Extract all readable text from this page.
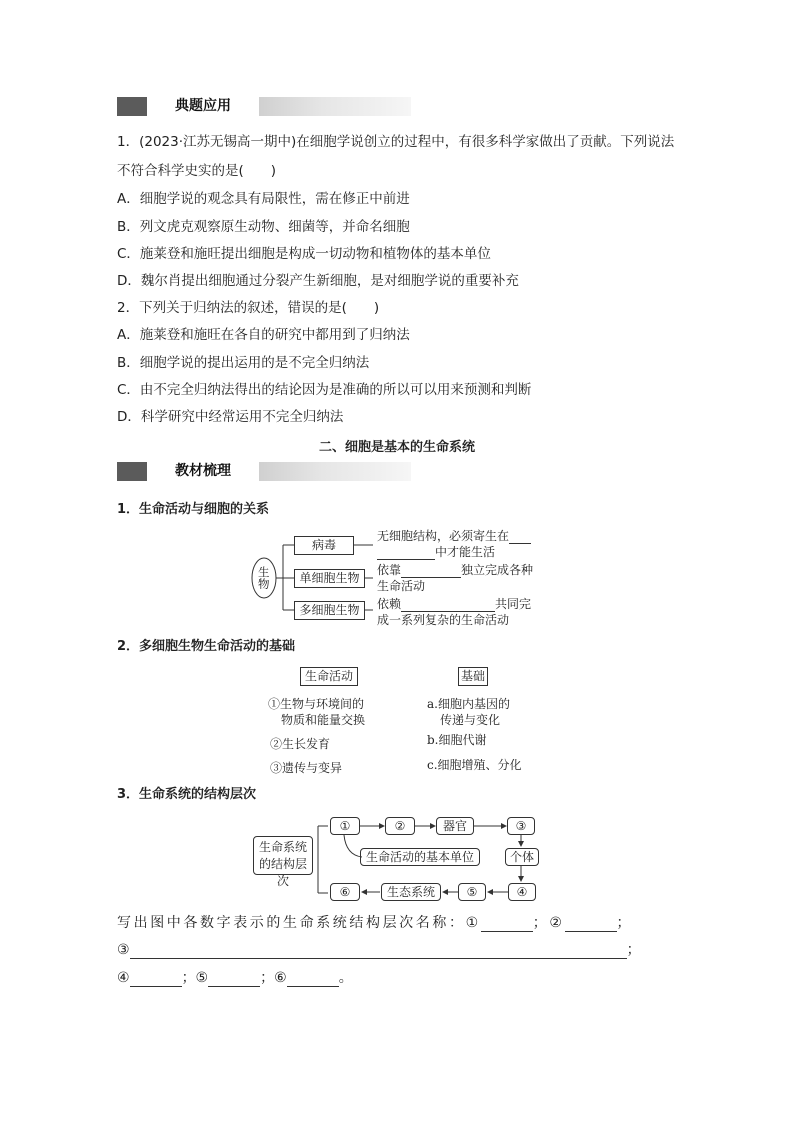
典题应用
1．(2023·江苏无锡高一期中)在细胞学说创立的过程中，有很多科学家做出了贡献。下列说法
不符合科学史实的是(　　)
A．细胞学说的观念具有局限性，需在修正中前进
B．列文虎克观察原生动物、细菌等，并命名细胞
C．施莱登和施旺提出细胞是构成一切动物和植物体的基本单位
D．魏尔肖提出细胞通过分裂产生新细胞，是对细胞学说的重要补充
2．下列关于归纳法的叙述，错误的是(　　)
A．施莱登和施旺在各自的研究中都用到了归纳法
B．细胞学说的提出运用的是不完全归纳法
C．由不完全归纳法得出的结论因为是准确的所以可以用来预测和判断
D．科学研究中经常运用不完全归纳法
二、细胞是基本的生命系统
教材梳理
1．生命活动与细胞的关系
生 物
病毒
单细胞生物
多细胞生物
无细胞结构，必须寄生在
中才能生活
依靠	独立完成各种
生命活动
依赖	共同完
成一系列复杂的生命活动
2．多细胞生物生命活动的基础
生命活动	基础
①生物与环境间的
物质和能量交换
②生长发育
③遗传与变异
a.细胞内基因的
传递与变化
b.细胞代谢
c.细胞增殖、分化
3．生命系统的结构层次
生命系统
的结构层次
①	②	器官	③
生命活动的基本单位	个体
④
⑤
生态系统
⑥
写出图中各数字表示的生命系统结构层次名称：①	；②	；
③	；
④	；⑤	；⑥	。
